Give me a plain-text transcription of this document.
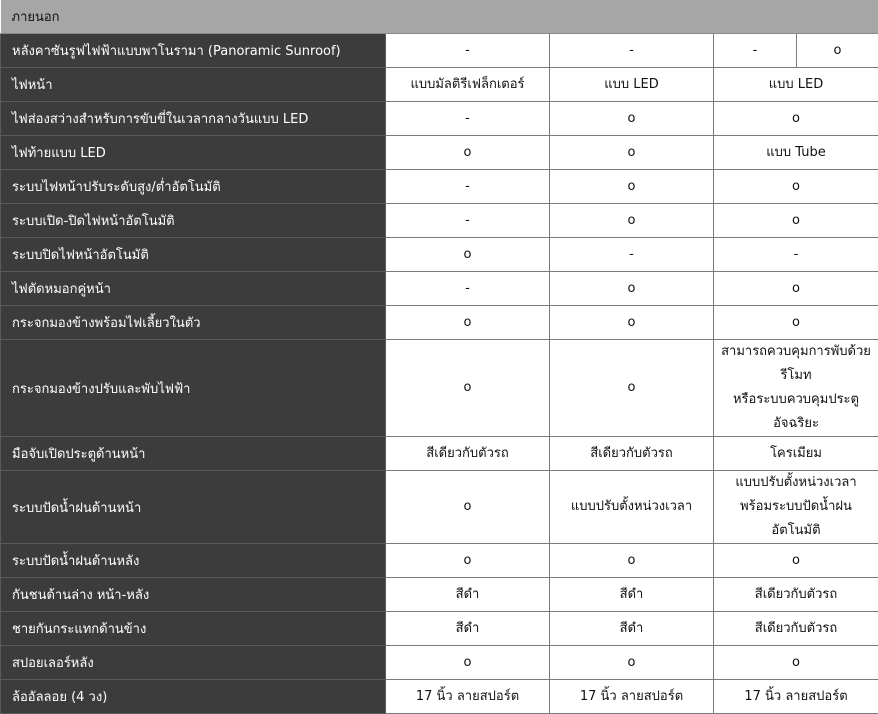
ภายนอก				
หลังคาซันรูฟไฟฟ้าแบบพาโนรามา (Panoramic Sunroof)	-	-	-	o
ไฟหน้า	แบบมัลติรีเฟล็กเตอร์	แบบ LED	แบบ LED	
ไฟส่องสว่างสำหรับการขับขี่ในเวลากลางวันแบบ LED	-	o	o	
ไฟท้ายแบบ LED	o	o	แบบ Tube	
ระบบไฟหน้าปรับระดับสูง/ต่ำอัตโนมัติ	-	o	o	
ระบบเปิด-ปิดไฟหน้าอัตโนมัติ	-	o	o	
ระบบปิดไฟหน้าอัตโนมัติ	o	-	-	
ไฟตัดหมอกคู่หน้า	-	o	o	
กระจกมองข้างพร้อมไฟเลี้ยวในตัว	o	o	o	
กระจกมองข้างปรับและพับไฟฟ้า	o	o	สามารถควบคุมการพับด้วยรีโมท
หรือระบบควบคุมประตูอัจฉริยะ	

มือจับเปิดประตูด้านหน้า	สีเดียวกับตัวรถ	สีเดียวกับตัวรถ	โครเมียม	
ระบบปัดน้ำฝนด้านหน้า	o	แบบปรับตั้งหน่วงเวลา	แบบปรับตั้งหน่วงเวลา
พร้อมระบบปัดน้ำฝนอัตโนมัติ	

ระบบปัดน้ำฝนด้านหลัง	o	o	o	
กันชนด้านล่าง หน้า-หลัง	สีดำ	สีดำ	สีเดียวกับตัวรถ	
ชายกันกระแทกด้านข้าง	สีดำ	สีดำ	สีเดียวกับตัวรถ	
สปอยเลอร์หลัง	o	o	o	
ล้ออัลลอย (4 วง)	17 นิ้ว ลายสปอร์ต	17 นิ้ว ลายสปอร์ต	17 นิ้ว ลายสปอร์ต	
